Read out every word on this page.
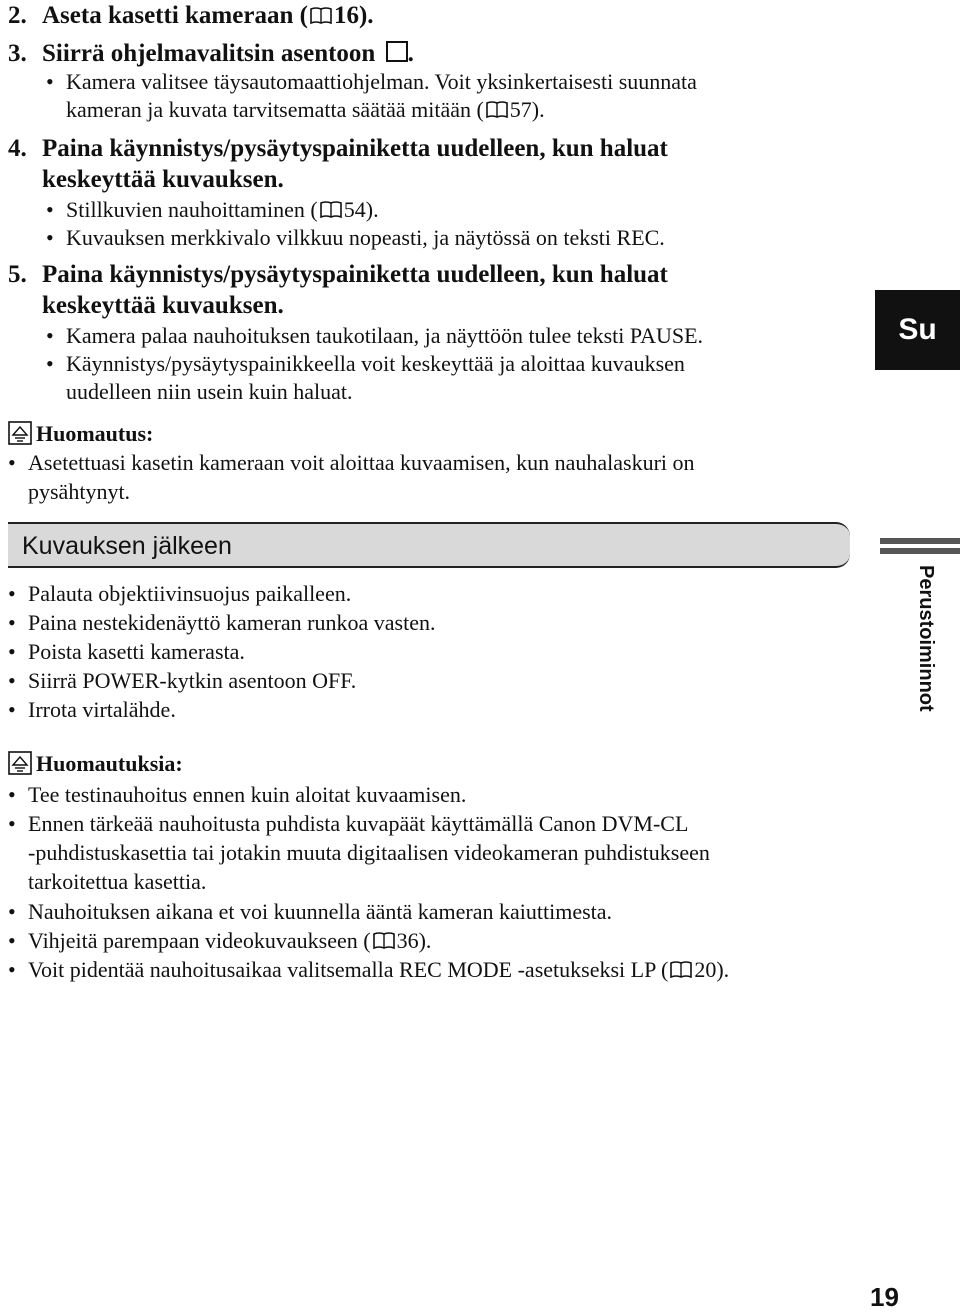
2. Aseta kasetti kameraan ( 16).
3. Siirrä ohjelmavalitsin asentoon .
• Kamera valitsee täysautomaattiohjelman. Voit yksinkertaisesti suunnata
kameran ja kuvata tarvitsematta säätää mitään ( 57).
4. Paina käynnistys/pysäytyspainiketta uudelleen, kun haluat
keskeyttää kuvauksen.
• Stillkuvien nauhoittaminen ( 54).
• Kuvauksen merkkivalo vilkkuu nopeasti, ja näytössä on teksti REC.
5. Paina käynnistys/pysäytyspainiketta uudelleen, kun haluat
keskeyttää kuvauksen.
• Kamera palaa nauhoituksen taukotilaan, ja näyttöön tulee teksti PAUSE.
• Käynnistys/pysäytyspainikkeella voit keskeyttää ja aloittaa kuvauksen
uudelleen niin usein kuin haluat.
Huomautus:
• Asetettuasi kasetin kameraan voit aloittaa kuvaamisen, kun nauhalaskuri on
pysähtynyt.
Kuvauksen jälkeen
• Palauta objektiivinsuojus paikalleen.
• Paina nestekidenäyttö kameran runkoa vasten.
• Poista kasetti kamerasta.
• Siirrä POWER-kytkin asentoon OFF.
• Irrota virtalähde.
Huomautuksia:
• Tee testinauhoitus ennen kuin aloitat kuvaamisen.
• Ennen tärkeää nauhoitusta puhdista kuvapäät käyttämällä Canon DVM-CL
-puhdistuskasettia tai jotakin muuta digitaalisen videokameran puhdistukseen
tarkoitettua kasettia.
• Nauhoituksen aikana et voi kuunnella ääntä kameran kaiuttimesta.
• Vihjeitä parempaan videokuvaukseen ( 36).
• Voit pidentää nauhoitusaikaa valitsemalla REC MODE -asetukseksi LP ( 20).
Su
Perustoiminnot
19
